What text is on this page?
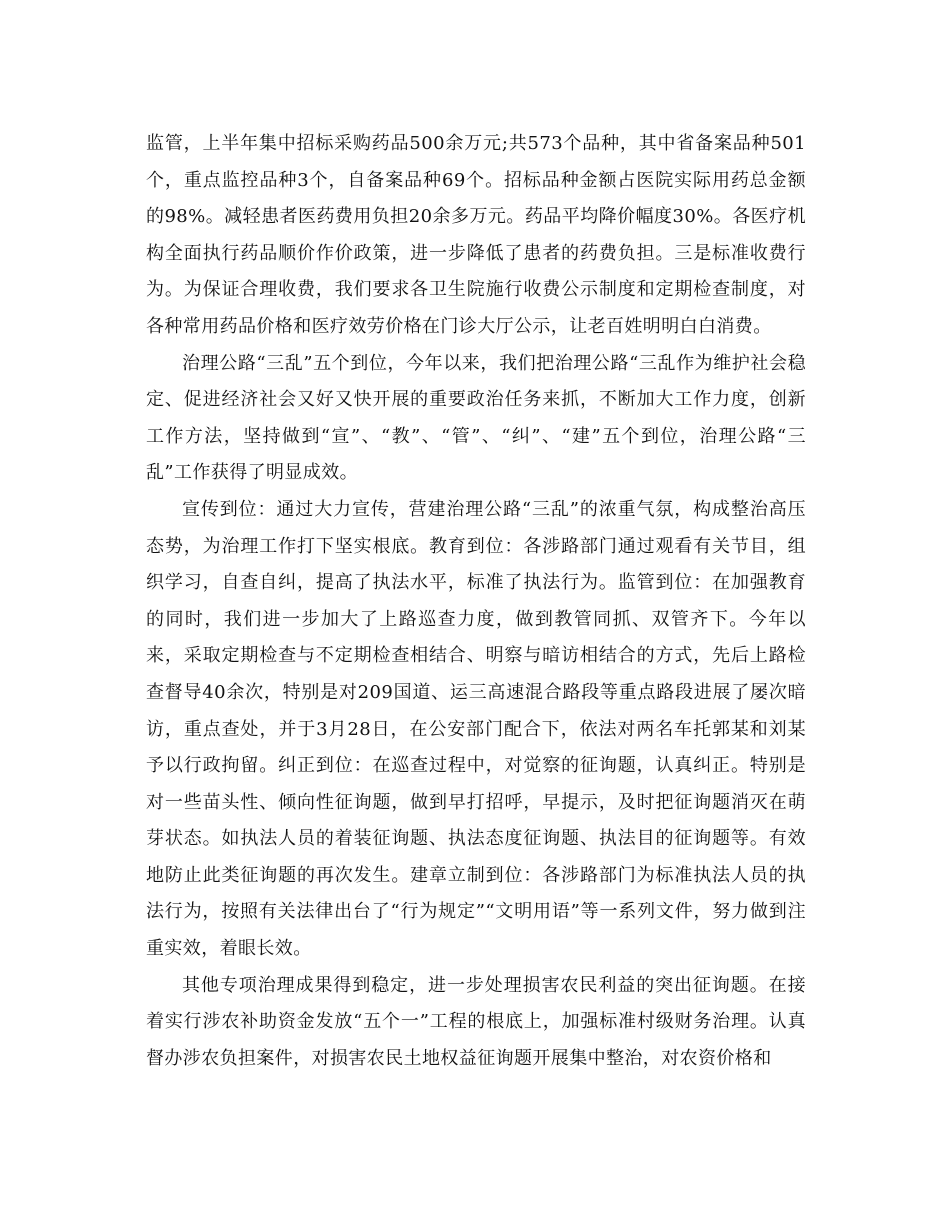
监管，上半年集中招标采购药品500余万元;共573个品种，其中省备案品种501个，重点监控品种3个，自备案品种69个。招标品种金额占医院实际用药总金额的98%。减轻患者医药费用负担20余多万元。药品平均降价幅度30%。各医疗机构全面执行药品顺价作价政策，进一步降低了患者的药费负担。三是标准收费行为。为保证合理收费，我们要求各卫生院施行收费公示制度和定期检查制度，对各种常用药品价格和医疗效劳价格在门诊大厅公示，让老百姓明明白白消费。

治理公路“三乱”五个到位，今年以来，我们把治理公路“三乱作为维护社会稳定、促进经济社会又好又快开展的重要政治任务来抓，不断加大工作力度，创新工作方法，坚持做到“宣”、“教”、“管”、“纠”、“建”五个到位，治理公路“三乱”工作获得了明显成效。

宣传到位：通过大力宣传，营建治理公路“三乱”的浓重气氛，构成整治高压态势，为治理工作打下坚实根底。教育到位：各涉路部门通过观看有关节目，组织学习，自查自纠，提高了执法水平，标准了执法行为。监管到位：在加强教育的同时，我们进一步加大了上路巡查力度，做到教管同抓、双管齐下。今年以来，采取定期检查与不定期检查相结合、明察与暗访相结合的方式，先后上路检查督导40余次，特别是对209国道、运三高速混合路段等重点路段进展了屡次暗访，重点查处，并于3月28日，在公安部门配合下，依法对两名车托郭某和刘某予以行政拘留。纠正到位：在巡查过程中，对觉察的征询题，认真纠正。特别是对一些苗头性、倾向性征询题，做到早打招呼，早提示，及时把征询题消灭在萌芽状态。如执法人员的着装征询题、执法态度征询题、执法目的征询题等。有效地防止此类征询题的再次发生。建章立制到位：各涉路部门为标准执法人员的执法行为，按照有关法律出台了“行为规定”“文明用语”等一系列文件，努力做到注重实效，着眼长效。

其他专项治理成果得到稳定，进一步处理损害农民利益的突出征询题。在接着实行涉农补助资金发放“五个一”工程的根底上，加强标准村级财务治理。认真督办涉农负担案件，对损害农民土地权益征询题开展集中整治，对农资价格和
